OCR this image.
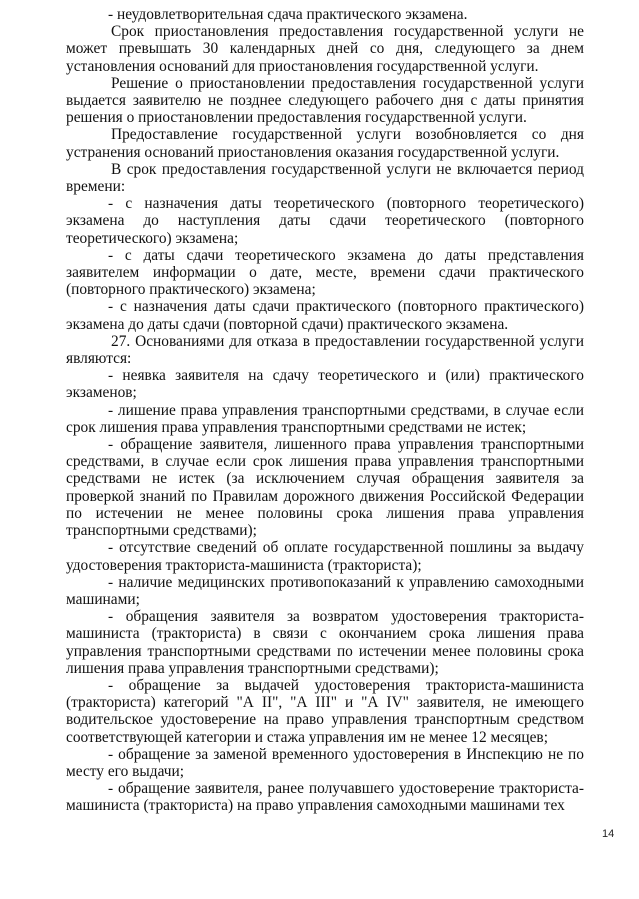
- неудовлетворительная сдача практического экзамена.

Срок приостановления предоставления государственной услуги не может превышать 30 календарных дней со дня, следующего за днем установления оснований для приостановления государственной услуги.

Решение о приостановлении предоставления государственной услуги выдается заявителю не позднее следующего рабочего дня с даты принятия решения о приостановлении предоставления государственной услуги.

Предоставление государственной услуги возобновляется со дня устранения оснований приостановления оказания государственной услуги.

В срок предоставления государственной услуги не включается период времени:

- с назначения даты теоретического (повторного теоретического) экзамена до наступления даты сдачи теоретического (повторного теоретического) экзамена;

- с даты сдачи теоретического экзамена до даты представления заявителем информации о дате, месте, времени сдачи практического (повторного практического) экзамена;

- с назначения даты сдачи практического (повторного практического) экзамена до даты сдачи (повторной сдачи) практического экзамена.

27. Основаниями для отказа в предоставлении государственной услуги являются:

- неявка заявителя на сдачу теоретического и (или) практического экзаменов;

- лишение права управления транспортными средствами, в случае если срок лишения права управления транспортными средствами не истек;

- обращение заявителя, лишенного права управления транспортными средствами, в случае если срок лишения права управления транспортными средствами не истек (за исключением случая обращения заявителя за проверкой знаний по Правилам дорожного движения Российской Федерации по истечении не менее половины срока лишения права управления транспортными средствами);

- отсутствие сведений об оплате государственной пошлины за выдачу удостоверения тракториста-машиниста (тракториста);

- наличие медицинских противопоказаний к управлению самоходными машинами;

- обращения заявителя за возвратом удостоверения тракториста-машиниста (тракториста) в связи с окончанием срока лишения права управления транспортными средствами по истечении менее половины срока лишения права управления транспортными средствами);

- обращение за выдачей удостоверения тракториста-машиниста (тракториста) категорий "А II", "А III" и "А IV" заявителя, не имеющего водительское удостоверение на право управления транспортным средством соответствующей категории и стажа управления им не менее 12 месяцев;

- обращение за заменой временного удостоверения в Инспекцию не по месту его выдачи;

- обращение заявителя, ранее получавшего удостоверение тракториста-машиниста (тракториста) на право управления самоходными машинами тех

14
